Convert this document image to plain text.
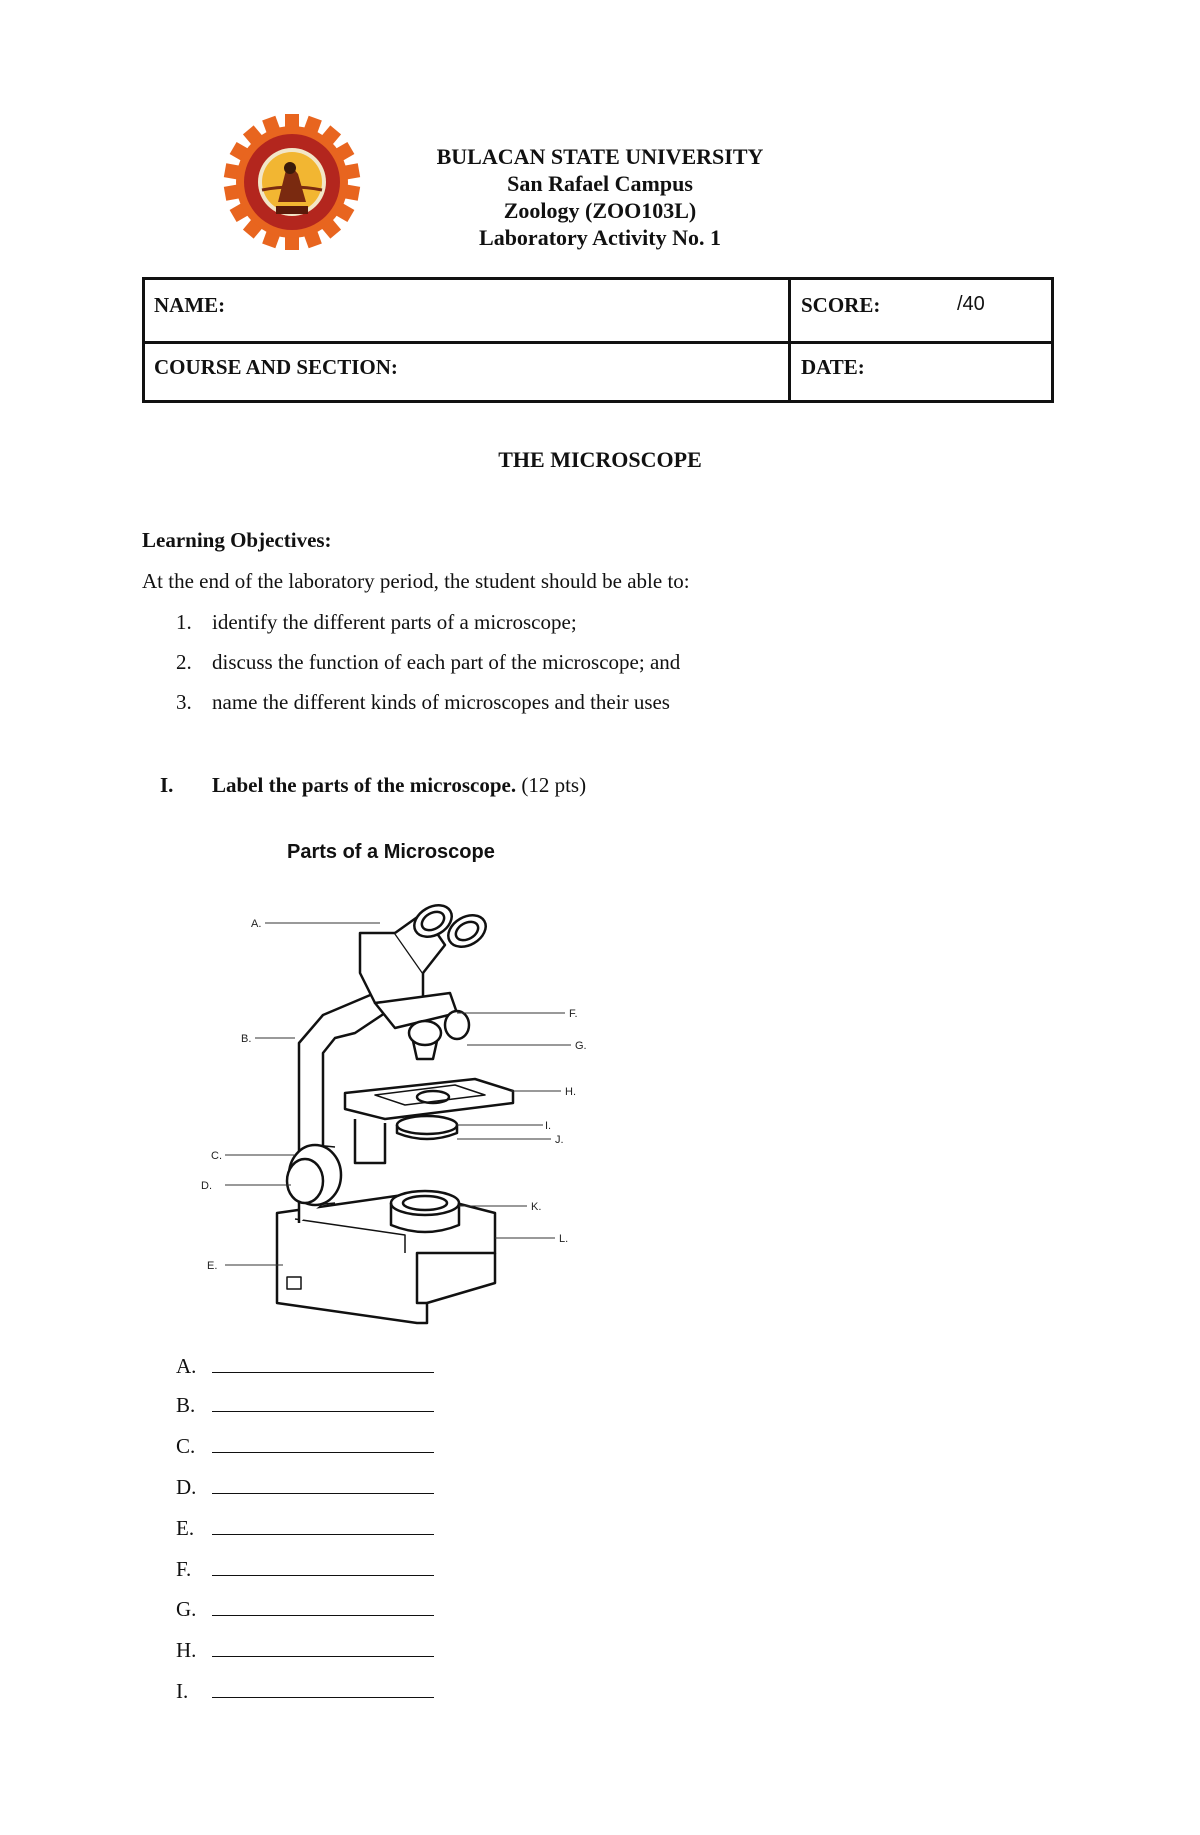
BULACAN STATE UNIVERSITY
San Rafael Campus
Zoology (ZOO103L)
Laboratory Activity No. 1
NAME:	SCORE:	/40
COURSE AND SECTION:	DATE:
THE MICROSCOPE
Learning Objectives:
At the end of the laboratory period, the student should be able to:
1. identify the different parts of a microscope;
2. discuss the function of each part of the microscope; and
3. name the different kinds of microscopes and their uses
I. Label the parts of the microscope. (12 pts)
Parts of a Microscope
A.
B.
C.
D.
E.
F.
G.
H.
I.
J.
K.
L.
A.
B.
C.
D.
E.
F.
G.
H.
I.
